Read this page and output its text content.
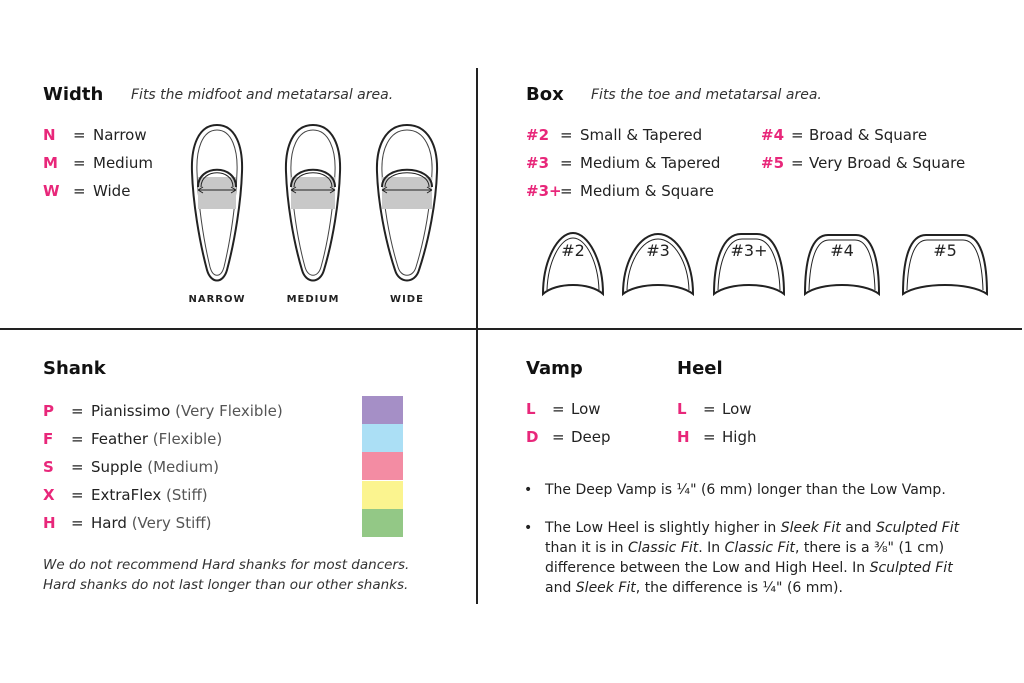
Width Fits the midfoot and metatarsal area.
N = Narrow
M = Medium
W = Wide
NARROW	MEDIUM	WIDE
Box Fits the toe and metatarsal area.
#2 = Small & Tapered
#3 = Medium & Tapered
#3+= Medium & Square
#4 = Broad & Square
#5 = Very Broad & Square
#2	#3	#3+	#4	#5
Shank
P = Pianissimo (Very Flexible)
F = Feather (Flexible)
S = Supple (Medium)
X = ExtraFlex (Stiff)
H = Hard (Very Stiff)
We do not recommend Hard shanks for most dancers.
Hard shanks do not last longer than our other shanks.
Vamp
L = Low
D = Deep
Heel
L = Low
H = High
• The Deep Vamp is ¼" (6 mm) longer than the Low Vamp.
• The Low Heel is slightly higher in Sleek Fit and Sculpted Fit
than it is in Classic Fit. In Classic Fit, there is a ⅜" (1 cm)
difference between the Low and High Heel. In Sculpted Fit
and Sleek Fit, the difference is ¼" (6 mm).
